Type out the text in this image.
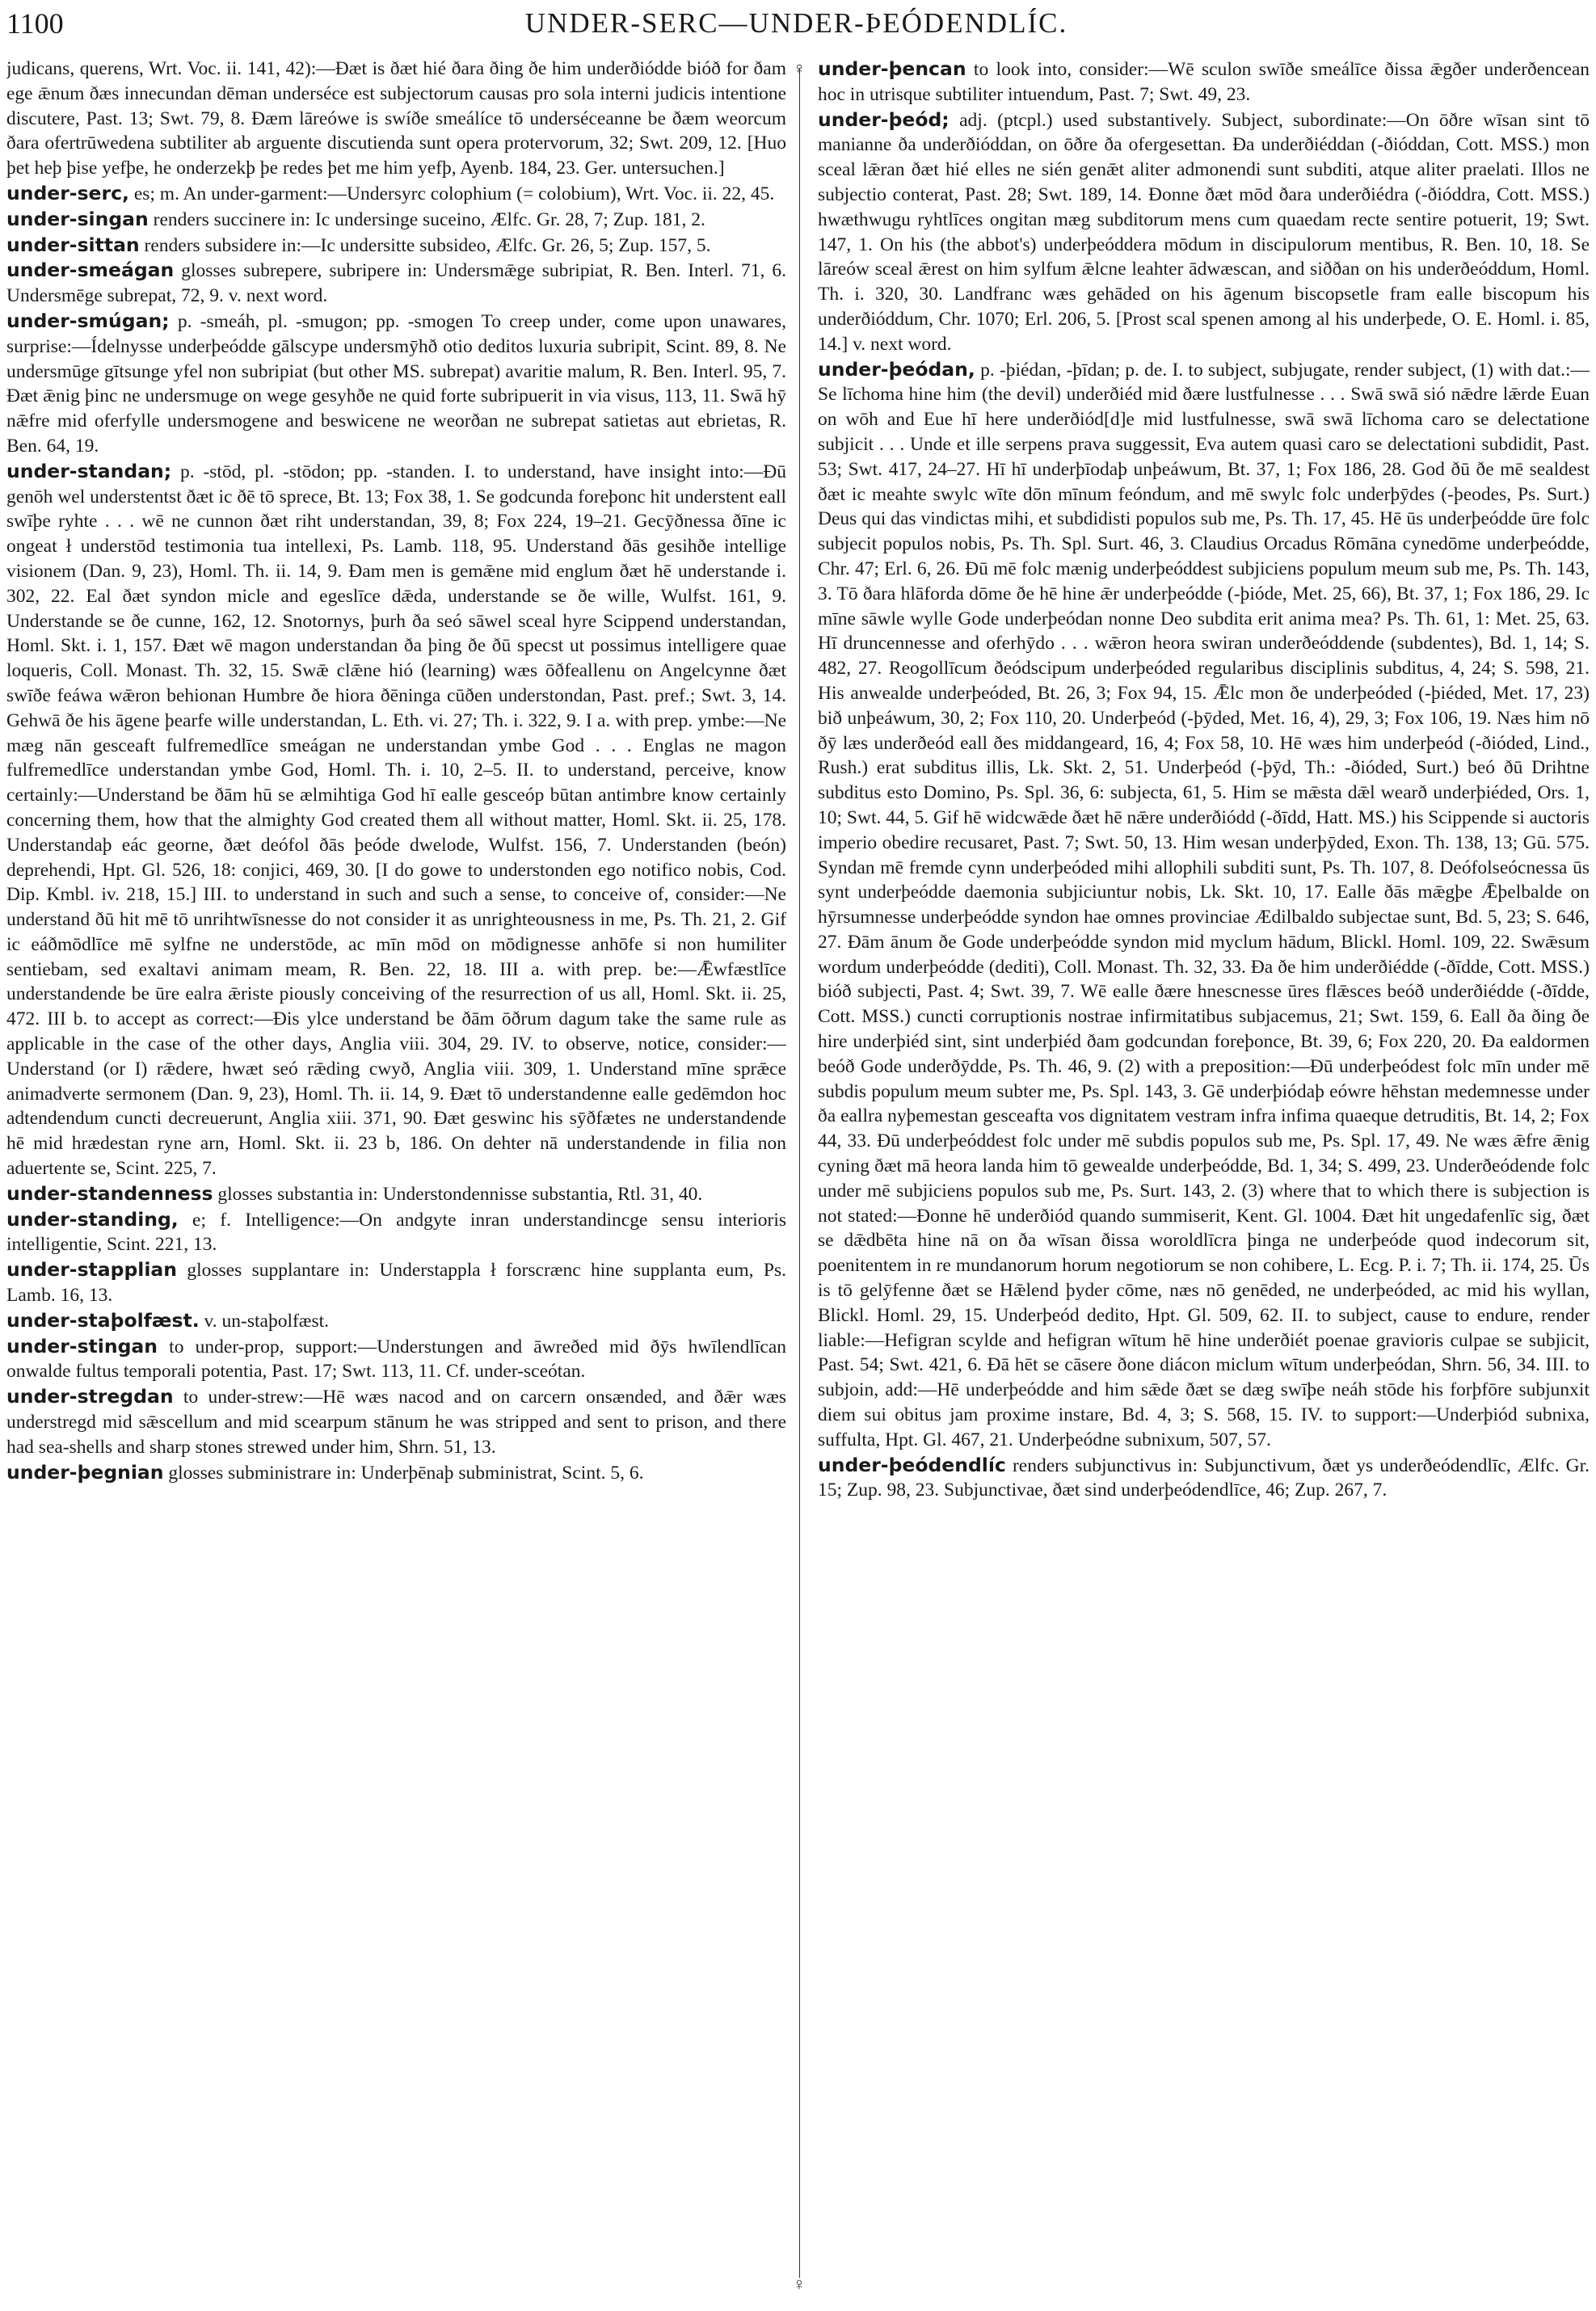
1100	UNDER-SERC—UNDER-ÞEÓDENDLÍC.

judicans, querens, Wrt. Voc. ii. 141, 42):—Ðæt is ðæt hié ðara ðing ðe him underðiódde bióð for ðam ege ǣnum ðæs innecundan dēman underséce est subjectorum causas pro sola interni judicis intentione discutere, Past. 13; Swt. 79, 8. Ðæm lāreówe is swíðe smeálíce tō underséceanne be ðæm weorcum ðara ofertrūwedena subtiliter ab arguente discutienda sunt opera protervorum, 32; Swt. 209, 12. [Huo þet heþ þise yefþe, he onderzekþ þe redes þet me him yefþ, Ayenb. 184, 23. Ger. untersuchen.]

under-serc, es; m. An under-garment:—Undersyrc colophium (= colobium), Wrt. Voc. ii. 22, 45.

under-singan renders succinere in: Ic undersinge suceino, Ælfc. Gr. 28, 7; Zup. 181, 2.

under-sittan renders subsidere in:—Ic undersitte subsideo, Ælfc. Gr. 26, 5; Zup. 157, 5.

under-smeágan glosses subrepere, subripere in: Undersmǣge subripiat, R. Ben. Interl. 71, 6. Undersmēge subrepat, 72, 9. v. next word.

under-smúgan; p. -smeáh, pl. -smugon; pp. -smogen To creep under, come upon unawares, surprise:—Ídelnysse underþeódde gālscype undersmȳhð otio deditos luxuria subripit, Scint. 89, 8. Ne undersmūge gītsunge yfel non subripiat (but other MS. subrepat) avaritie malum, R. Ben. Interl. 95, 7. Ðæt ǣnig þinc ne undersmuge on wege gesyhðe ne quid forte subripuerit in via visus, 113, 11. Swā hȳ nǣfre mid oferfylle undersmogene and beswicene ne weorðan ne subrepat satietas aut ebrietas, R. Ben. 64, 19.

under-standan; p. -stōd, pl. -stōdon; pp. -standen. I. to understand, have insight into:—Ðū genōh wel understentst ðæt ic ðē tō sprece, Bt. 13; Fox 38, 1. Se godcunda foreþonc hit understent eall swīþe ryhte . . . wē ne cunnon ðæt riht understandan, 39, 8; Fox 224, 19–21. Gecȳðnessa ðīne ic ongeat ł understōd testimonia tua intellexi, Ps. Lamb. 118, 95. Understand ðās gesihðe intellige visionem (Dan. 9, 23), Homl. Th. ii. 14, 9. Ðam men is gemǣne mid englum ðæt hē understande i. 302, 22. Eal ðæt syndon micle and egeslīce dǣda, understande se ðe wille, Wulfst. 161, 9. Understande se ðe cunne, 162, 12. Snotornys, þurh ða seó sāwel sceal hyre Scippend understandan, Homl. Skt. i. 1, 157. Ðæt wē magon understandan ða þing ðe ðū specst ut possimus intelligere quae loqueris, Coll. Monast. Th. 32, 15. Swǣ clǣne hió (learning) wæs ōðfeallenu on Angelcynne ðæt swīðe feáwa wǣron behionan Humbre ðe hiora ðēninga cūðen understondan, Past. pref.; Swt. 3, 14. Gehwā ðe his āgene þearfe wille understandan, L. Eth. vi. 27; Th. i. 322, 9. I a. with prep. ymbe:—Ne mæg nān gesceaft fulfremedlīce smeágan ne understandan ymbe God . . . Englas ne magon fulfremedlīce understandan ymbe God, Homl. Th. i. 10, 2–5. II. to understand, perceive, know certainly:—Understand be ðām hū se ælmihtiga God hī ealle gesceóp būtan antimbre know certainly concerning them, how that the almighty God created them all without matter, Homl. Skt. ii. 25, 178. Understandaþ eác georne, ðæt deófol ðās þeóde dwelode, Wulfst. 156, 7. Understanden (beón) deprehendi, Hpt. Gl. 526, 18: conjici, 469, 30. [I do gowe to understonden ego notifico nobis, Cod. Dip. Kmbl. iv. 218, 15.] III. to understand in such and such a sense, to conceive of, consider:—Ne understand ðū hit mē tō unrihtwīsnesse do not consider it as unrighteousness in me, Ps. Th. 21, 2. Gif ic eáðmōdlīce mē sylfne ne understōde, ac mīn mōd on mōdignesse anhōfe si non humiliter sentiebam, sed exaltavi animam meam, R. Ben. 22, 18. III a. with prep. be:—Ǣwfæstlīce understandende be ūre ealra ǣriste piously conceiving of the resurrection of us all, Homl. Skt. ii. 25, 472. III b. to accept as correct:—Ðis ylce understand be ðām ōðrum dagum take the same rule as applicable in the case of the other days, Anglia viii. 304, 29. IV. to observe, notice, consider:—Understand (or I) rǣdere, hwæt seó rǣding cwyð, Anglia viii. 309, 1. Understand mīne sprǣce animadverte sermonem (Dan. 9, 23), Homl. Th. ii. 14, 9. Ðæt tō understandenne ealle gedēmdon hoc adtendendum cuncti decreuerunt, Anglia xiii. 371, 90. Ðæt geswinc his sȳðfætes ne understandende hē mid hrædestan ryne arn, Homl. Skt. ii. 23 b, 186. On dehter nā understandende in filia non aduertente se, Scint. 225, 7.

under-standenness glosses substantia in: Understondennisse substantia, Rtl. 31, 40.

under-standing, e; f. Intelligence:—On andgyte inran understandincge sensu interioris intelligentie, Scint. 221, 13.

under-stapplian glosses supplantare in: Understappla ł forscrænc hine supplanta eum, Ps. Lamb. 16, 13.

under-staþolfæst. v. un-staþolfæst.

under-stingan to under-prop, support:—Understungen and āwreðed mid ðȳs hwīlendlīcan onwalde fultus temporali potentia, Past. 17; Swt. 113, 11. Cf. under-sceótan.

under-stregdan to under-strew:—Hē wæs nacod and on carcern onsænded, and ðǣr wæs understregd mid sǣscellum and mid scearpum stānum he was stripped and sent to prison, and there had sea-shells and sharp stones strewed under him, Shrn. 51, 13.

under-þegnian glosses subministrare in: Underþēnaþ subministrat, Scint. 5, 6.

♀
♀

under-þencan to look into, consider:—Wē sculon swīðe smeálīce ðissa ǣgðer underðencean hoc in utrisque subtiliter intuendum, Past. 7; Swt. 49, 23.

under-þeód; adj. (ptcpl.) used substantively. Subject, subordinate:—On ōðre wīsan sint tō manianne ða underðióddan, on ōðre ða ofergesettan. Ða underðiéddan (-ðióddan, Cott. MSS.) mon sceal lǣran ðæt hié elles ne sién genǣt aliter admonendi sunt subditi, atque aliter praelati. Illos ne subjectio conterat, Past. 28; Swt. 189, 14. Ðonne ðæt mōd ðara underðiédra (-ðióddra, Cott. MSS.) hwæthwugu ryhtlīces ongitan mæg subditorum mens cum quaedam recte sentire potuerit, 19; Swt. 147, 1. On his (the abbot's) underþeóddera mōdum in discipulorum mentibus, R. Ben. 10, 18. Se lāreów sceal ǣrest on him sylfum ǣlcne leahter ādwæscan, and siððan on his underðeóddum, Homl. Th. i. 320, 30. Landfranc wæs gehāded on his āgenum biscopsetle fram ealle biscopum his underðióddum, Chr. 1070; Erl. 206, 5. [Prost scal spenen among al his underþede, O. E. Homl. i. 85, 14.] v. next word.

under-þeódan, p. -þiédan, -þīdan; p. de. I. to subject, subjugate, render subject, (1) with dat.:—Se līchoma hine him (the devil) underðiéd mid ðære lustfulnesse . . . Swā swā sió nǣdre lǣrde Euan on wōh and Eue hī here underðiód[d]e mid lustfulnesse, swā swā līchoma caro se delectatione subjicit . . . Unde et ille serpens prava suggessit, Eva autem quasi caro se delectationi subdidit, Past. 53; Swt. 417, 24–27. Hī hī underþīodaþ unþeáwum, Bt. 37, 1; Fox 186, 28. God ðū ðe mē sealdest ðæt ic meahte swylc wīte dōn mīnum feóndum, and mē swylc folc underþȳdes (-þeodes, Ps. Surt.) Deus qui das vindictas mihi, et subdidisti populos sub me, Ps. Th. 17, 45. Hē ūs underþeódde ūre folc subjecit populos nobis, Ps. Th. Spl. Surt. 46, 3. Claudius Orcadus Rōmāna cynedōme underþeódde, Chr. 47; Erl. 6, 26. Ðū mē folc mænig underþeóddest subjiciens populum meum sub me, Ps. Th. 143, 3. Tō ðara hlāforda dōme ðe hē hine ǣr underþeódde (-þióde, Met. 25, 66), Bt. 37, 1; Fox 186, 29. Ic mīne sāwle wylle Gode underþeódan nonne Deo subdita erit anima mea? Ps. Th. 61, 1: Met. 25, 63. Hī druncennesse and oferhȳdo . . . wǣron heora swiran underðeóddende (subdentes), Bd. 1, 14; S. 482, 27. Reogollīcum ðeódscipum underþeóded regularibus disciplinis subditus, 4, 24; S. 598, 21. His anwealde underþeóded, Bt. 26, 3; Fox 94, 15. Ǣlc mon ðe underþeóded (-þiéded, Met. 17, 23) bið unþeáwum, 30, 2; Fox 110, 20. Underþeód (-þȳded, Met. 16, 4), 29, 3; Fox 106, 19. Næs him nō ðȳ læs underðeód eall ðes middangeard, 16, 4; Fox 58, 10. Hē wæs him underþeód (-ðióded, Lind., Rush.) erat subditus illis, Lk. Skt. 2, 51. Underþeód (-þȳd, Th.: -ðióded, Surt.) beó ðū Drihtne subditus esto Domino, Ps. Spl. 36, 6: subjecta, 61, 5. Him se mǣsta dǣl wearð underþiéded, Ors. 1, 10; Swt. 44, 5. Gif hē widcwǣde ðæt hē nǣre underðiódd (-ðīdd, Hatt. MS.) his Scippende si auctoris imperio obedire recusaret, Past. 7; Swt. 50, 13. Him wesan underþȳded, Exon. Th. 138, 13; Gū. 575. Syndan mē fremde cynn underþeóded mihi allophili subditi sunt, Ps. Th. 107, 8. Deófolseócnessa ūs synt underþeódde daemonia subjiciuntur nobis, Lk. Skt. 10, 17. Ealle ðās mǣgþe Ǣþelbalde on hȳrsumnesse underþeódde syndon hae omnes provinciae Ædilbaldo subjectae sunt, Bd. 5, 23; S. 646, 27. Ðām ānum ðe Gode underþeódde syndon mid myclum hādum, Blickl. Homl. 109, 22. Swǣsum wordum underþeódde (dediti), Coll. Monast. Th. 32, 33. Ða ðe him underðiédde (-ðīdde, Cott. MSS.) bióð subjecti, Past. 4; Swt. 39, 7. Wē ealle ðære hnescnesse ūres flǣsces beóð underðiédde (-ðīdde, Cott. MSS.) cuncti corruptionis nostrae infirmitatibus subjacemus, 21; Swt. 159, 6. Eall ða ðing ðe hire underþiéd sint, sint underþiéd ðam godcundan foreþonce, Bt. 39, 6; Fox 220, 20. Ða ealdormen beóð Gode underðȳdde, Ps. Th. 46, 9. (2) with a preposition:—Ðū underþeódest folc mīn under mē subdis populum meum subter me, Ps. Spl. 143, 3. Gē underþiódaþ eówre hēhstan medemnesse under ða eallra nyþemestan gesceafta vos dignitatem vestram infra infima quaeque detruditis, Bt. 14, 2; Fox 44, 33. Ðū underþeóddest folc under mē subdis populos sub me, Ps. Spl. 17, 49. Ne wæs ǣfre ǣnig cyning ðæt mā heora landa him tō gewealde underþeódde, Bd. 1, 34; S. 499, 23. Underðeódende folc under mē subjiciens populos sub me, Ps. Surt. 143, 2. (3) where that to which there is subjection is not stated:—Ðonne hē underðiód quando summiserit, Kent. Gl. 1004. Ðæt hit ungedafenlīc sig, ðæt se dǣdbēta hine nā on ða wīsan ðissa woroldlīcra þinga ne underþeóde quod indecorum sit, poenitentem in re mundanorum horum negotiorum se non cohibere, L. Ecg. P. i. 7; Th. ii. 174, 25. Ūs is tō gelȳfenne ðæt se Hǣlend þyder cōme, næs nō genēded, ne underþeóded, ac mid his wyllan, Blickl. Homl. 29, 15. Underþeód dedito, Hpt. Gl. 509, 62. II. to subject, cause to endure, render liable:—Hefigran scylde and hefigran wītum hē hine underðiét poenae gravioris culpae se subjicit, Past. 54; Swt. 421, 6. Ðā hēt se cāsere ðone diácon miclum wītum underþeódan, Shrn. 56, 34. III. to subjoin, add:—Hē underþeódde and him sǣde ðæt se dæg swīþe neáh stōde his forþfōre subjunxit diem sui obitus jam proxime instare, Bd. 4, 3; S. 568, 15. IV. to support:—Underþiód subnixa, suffulta, Hpt. Gl. 467, 21. Underþeódne subnixum, 507, 57.

under-þeódendlíc renders subjunctivus in: Subjunctivum, ðæt ys underðeódendlīc, Ælfc. Gr. 15; Zup. 98, 23. Subjunctivae, ðæt sind underþeódendlīce, 46; Zup. 267, 7.
